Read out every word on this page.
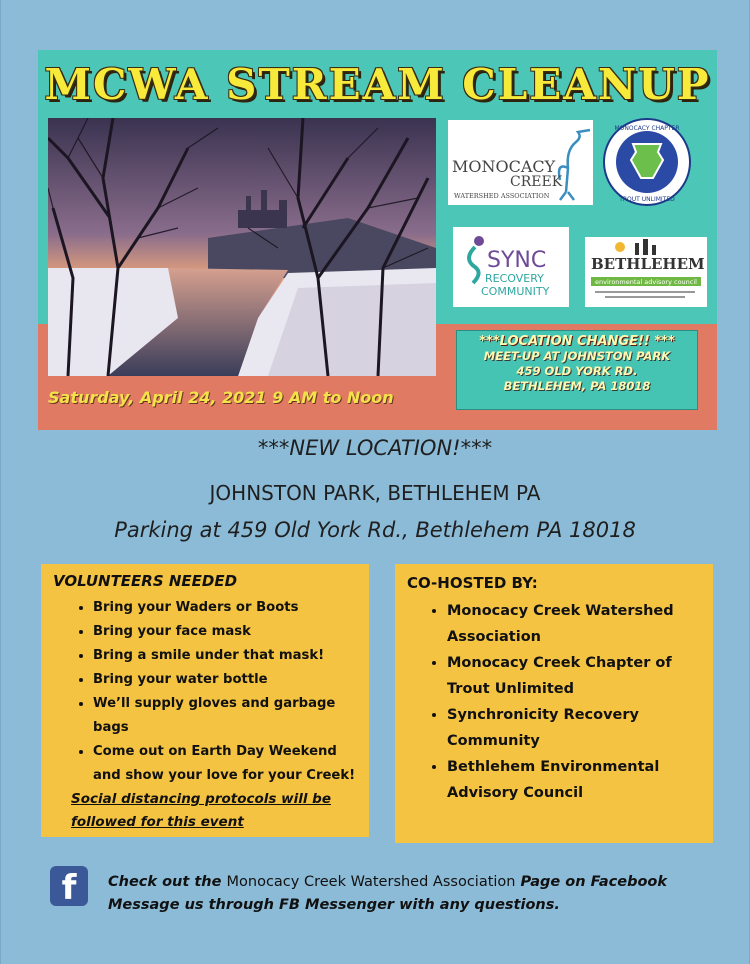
MCWA STREAM CLEANUP
MONOCACY
CREEK
WATERSHED ASSOCIATION
MONOCACY CHAPTER
TROUT UNLIMITED
SYNC
RECOVERY
COMMUNITY
BETHLEHEM
environmental advisory council
Saturday, April 24, 2021 9 AM to Noon
***LOCATION CHANGE!! ***
MEET-UP AT JOHNSTON PARK
459 OLD YORK RD.
BETHLEHEM, PA 18018
***NEW LOCATION!***
JOHNSTON PARK, BETHLEHEM PA
Parking at 459 Old York Rd., Bethlehem PA 18018
VOLUNTEERS NEEDED
• Bring your Waders or Boots
• Bring your face mask
• Bring a smile under that mask!
• Bring your water bottle
• We’ll supply gloves and garbage bags
• Come out on Earth Day Weekend and show your love for your Creek!
Social distancing protocols will be followed for this event
CO-HOSTED BY:
• Monocacy Creek Watershed Association
• Monocacy Creek Chapter of Trout Unlimited
• Synchronicity Recovery Community
• Bethlehem Environmental Advisory Council
f	Check out the Monocacy Creek Watershed Association Page on Facebook
Message us through FB Messenger with any questions.
